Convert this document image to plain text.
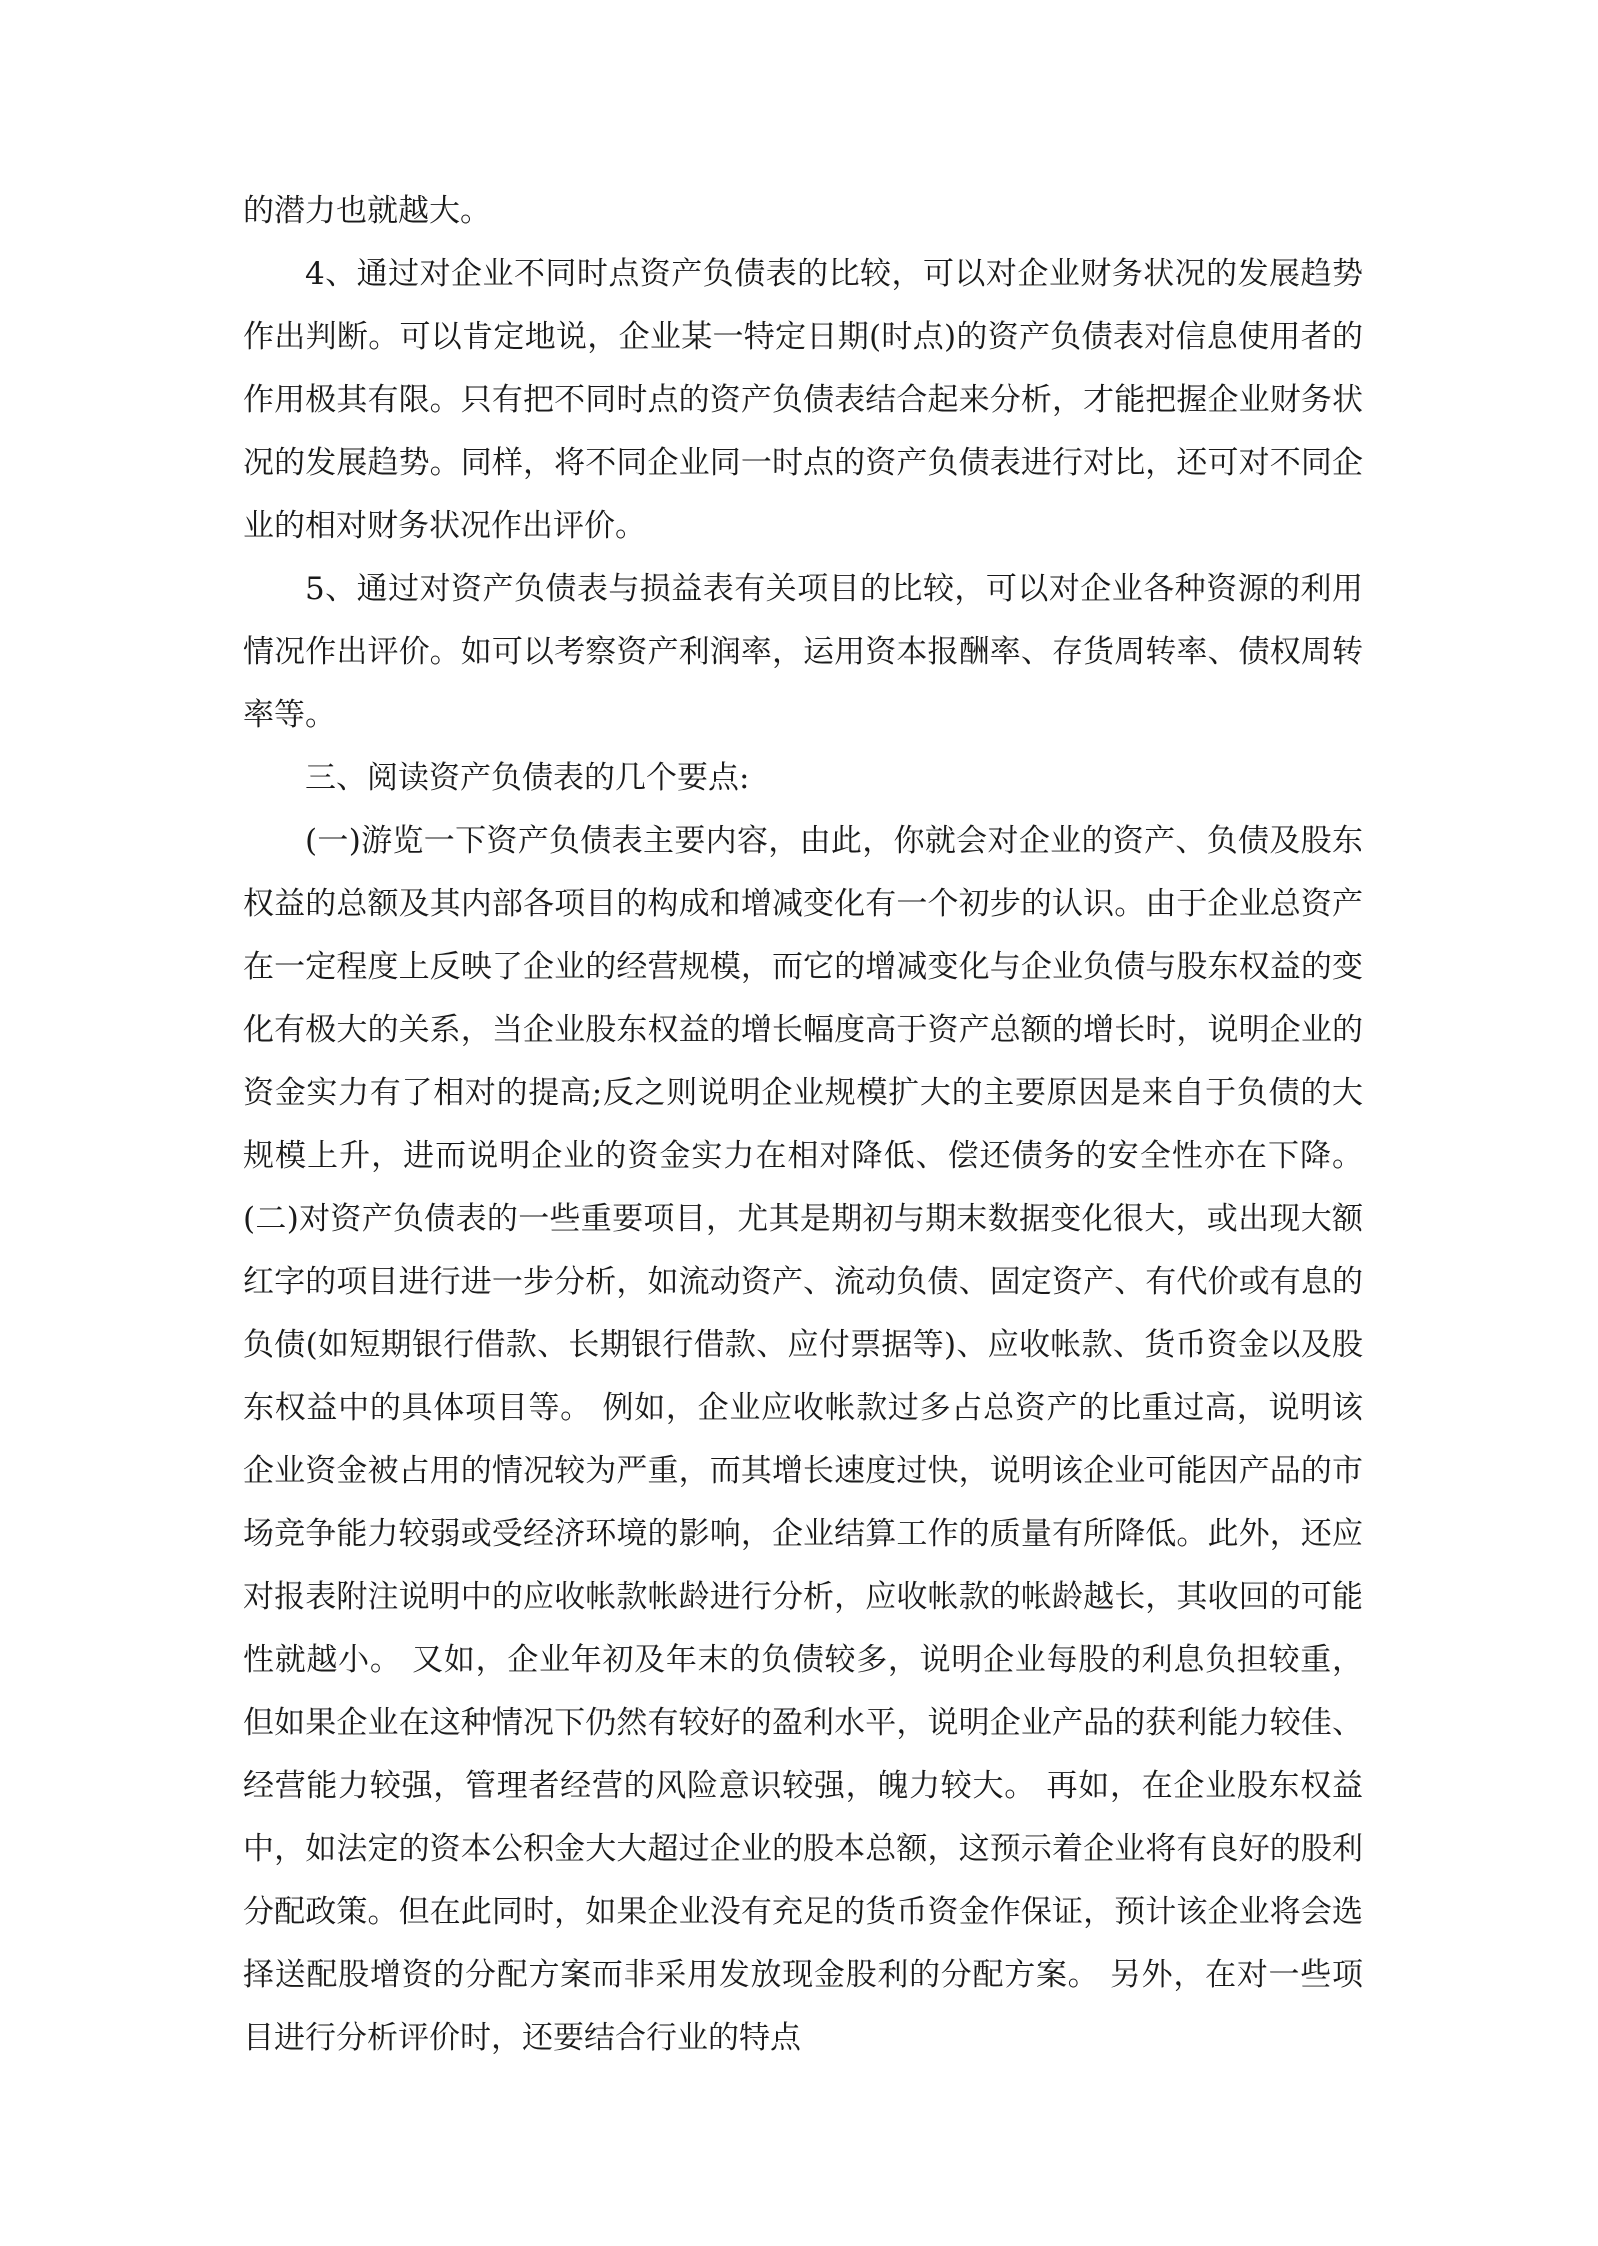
的潜力也就越大。

4、通过对企业不同时点资产负债表的比较，可以对企业财务状况的发展趋势作出判断。可以肯定地说，企业某一特定日期(时点)的资产负债表对信息使用者的作用极其有限。只有把不同时点的资产负债表结合起来分析，才能把握企业财务状况的发展趋势。同样，将不同企业同一时点的资产负债表进行对比，还可对不同企业的相对财务状况作出评价。

5、通过对资产负债表与损益表有关项目的比较，可以对企业各种资源的利用情况作出评价。如可以考察资产利润率，运用资本报酬率、存货周转率、债权周转率等。

三、阅读资产负债表的几个要点:

(一)游览一下资产负债表主要内容，由此，你就会对企业的资产、负债及股东权益的总额及其内部各项目的构成和增减变化有一个初步的认识。由于企业总资产在一定程度上反映了企业的经营规模，而它的增减变化与企业负债与股东权益的变化有极大的关系，当企业股东权益的增长幅度高于资产总额的增长时，说明企业的资金实力有了相对的提高;反之则说明企业规模扩大的主要原因是来自于负债的大规模上升，进而说明企业的资金实力在相对降低、偿还债务的安全性亦在下降。 (二)对资产负债表的一些重要项目，尤其是期初与期末数据变化很大，或出现大额红字的项目进行进一步分析，如流动资产、流动负债、固定资产、有代价或有息的负债(如短期银行借款、长期银行借款、应付票据等)、应收帐款、货币资金以及股东权益中的具体项目等。 例如，企业应收帐款过多占总资产的比重过高，说明该企业资金被占用的情况较为严重，而其增长速度过快，说明该企业可能因产品的市场竞争能力较弱或受经济环境的影响，企业结算工作的质量有所降低。此外，还应对报表附注说明中的应收帐款帐龄进行分析，应收帐款的帐龄越长，其收回的可能性就越小。 又如，企业年初及年末的负债较多，说明企业每股的利息负担较重，但如果企业在这种情况下仍然有较好的盈利水平，说明企业产品的获利能力较佳、经营能力较强，管理者经营的风险意识较强，魄力较大。 再如，在企业股东权益中，如法定的资本公积金大大超过企业的股本总额，这预示着企业将有良好的股利分配政策。但在此同时，如果企业没有充足的货币资金作保证，预计该企业将会选择送配股增资的分配方案而非采用发放现金股利的分配方案。 另外，在对一些项目进行分析评价时，还要结合行业的特点
